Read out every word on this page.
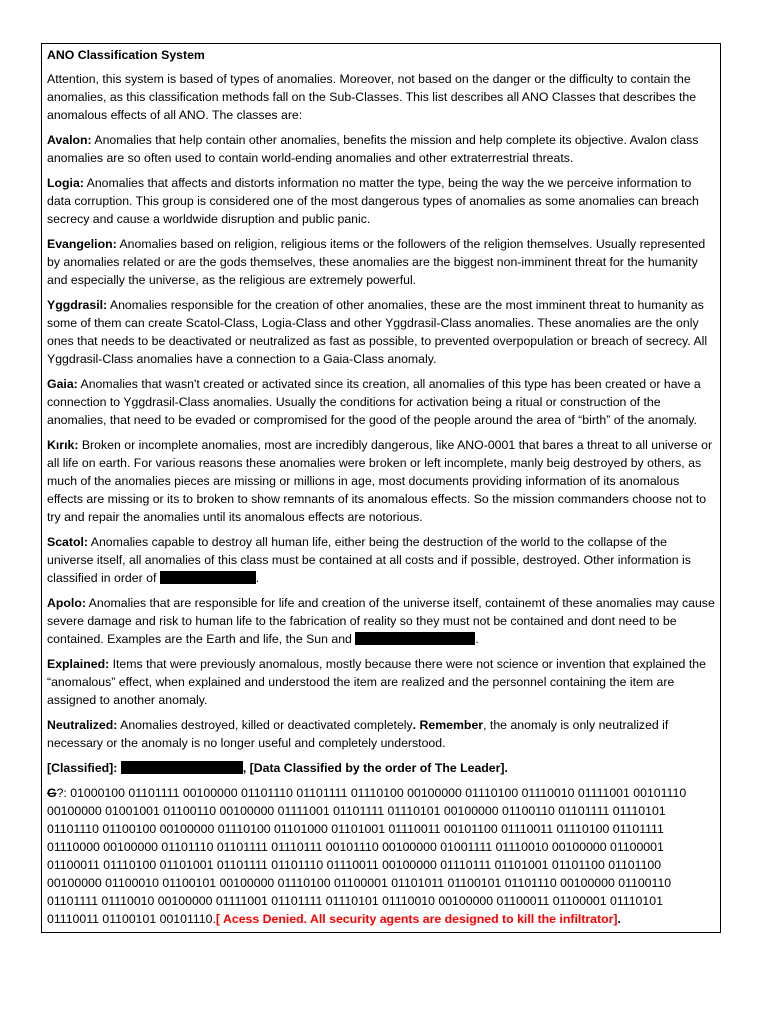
ANO Classification System

Attention, this system is based of types of anomalies. Moreover, not based on the danger or the difficulty to contain the anomalies, as this classification methods fall on the Sub-Classes. This list describes all ANO Classes that describes the anomalous effects of all ANO. The classes are:

Avalon: Anomalies that help contain other anomalies, benefits the mission and help complete its objective. Avalon class anomalies are so often used to contain world-ending anomalies and other extraterrestrial threats.

Logia: Anomalies that affects and distorts information no matter the type, being the way the we perceive information to data corruption. This group is considered one of the most dangerous types of anomalies as some anomalies can breach secrecy and cause a worldwide disruption and public panic.

Evangelion: Anomalies based on religion, religious items or the followers of the religion themselves. Usually represented by anomalies related or are the gods themselves, these anomalies are the biggest non-imminent threat for the humanity and especially the universe, as the religious are extremely powerful.

Yggdrasil: Anomalies responsible for the creation of other anomalies, these are the most imminent threat to humanity as some of them can create Scatol-Class, Logia-Class and other Yggdrasil-Class anomalies. These anomalies are the only ones that needs to be deactivated or neutralized as fast as possible, to prevented overpopulation or breach of secrecy. All Yggdrasil-Class anomalies have a connection to a Gaia-Class anomaly.

Gaia: Anomalies that wasn't created or activated since its creation, all anomalies of this type has been created or have a connection to Yggdrasil-Class anomalies. Usually the conditions for activation being a ritual or construction of the anomalies, that need to be evaded or compromised for the good of the people around the area of “birth” of the anomaly.

Kırık: Broken or incomplete anomalies, most are incredibly dangerous, like ANO-0001 that bares a threat to all universe or all life on earth. For various reasons these anomalies were broken or left incomplete, manly beig destroyed by others, as much of the anomalies pieces are missing or millions in age, most documents providing information of its anomalous effects are missing or its to broken to show remnants of its anomalous effects. So the mission commanders choose not to try and repair the anomalies until its anomalous effects are notorious.

Scatol: Anomalies capable to destroy all human life, either being the destruction of the world to the collapse of the universe itself, all anomalies of this class must be contained at all costs and if possible, destroyed. Other information is classified in order of	.

Apolo: Anomalies that are responsible for life and creation of the universe itself, containemt of these anomalies may cause severe damage and risk to human life to the fabrication of reality so they must not be contained and dont need to be contained. Examples are the Earth and life, the Sun and	.

Explained: Items that were previously anomalous, mostly because there were not science or invention that explained the “anomalous” effect, when explained and understood the item are realized and the personnel containing the item are assigned to another anomaly.

Neutralized: Anomalies destroyed, killed or deactivated completely. Remember, the anomaly is only neutralized if necessary or the anomaly is no longer useful and completely understood.

[Classified]:	, [Data Classified by the order of The Leader].

G?: 01000100 01101111 00100000 01101110 01101111 01110100 00100000 01110100 01110010 01111001 00101110 00100000 01001001 01100110 00100000 01111001 01101111 01110101 00100000 01100110 01101111 01110101 01101110 01100100 00100000 01110100 01101000 01101001 01110011 00101100 01110011 01110100 01101111 01110000 00100000 01101110 01101111 01110111 00101110 00100000 01001111 01110010 00100000 01100001 01100011 01110100 01101001 01101111 01101110 01110011 00100000 01110111 01101001 01101100 01101100 00100000 01100010 01100101 00100000 01110100 01100001 01101011 01100101 01101110 00100000 01100110 01101111 01110010 00100000 01111001 01101111 01110101 01110010 00100000 01100011 01100001 01110101 01110011 01100101 00101110.[ Acess Denied. All security agents are designed to kill the infiltrator].
